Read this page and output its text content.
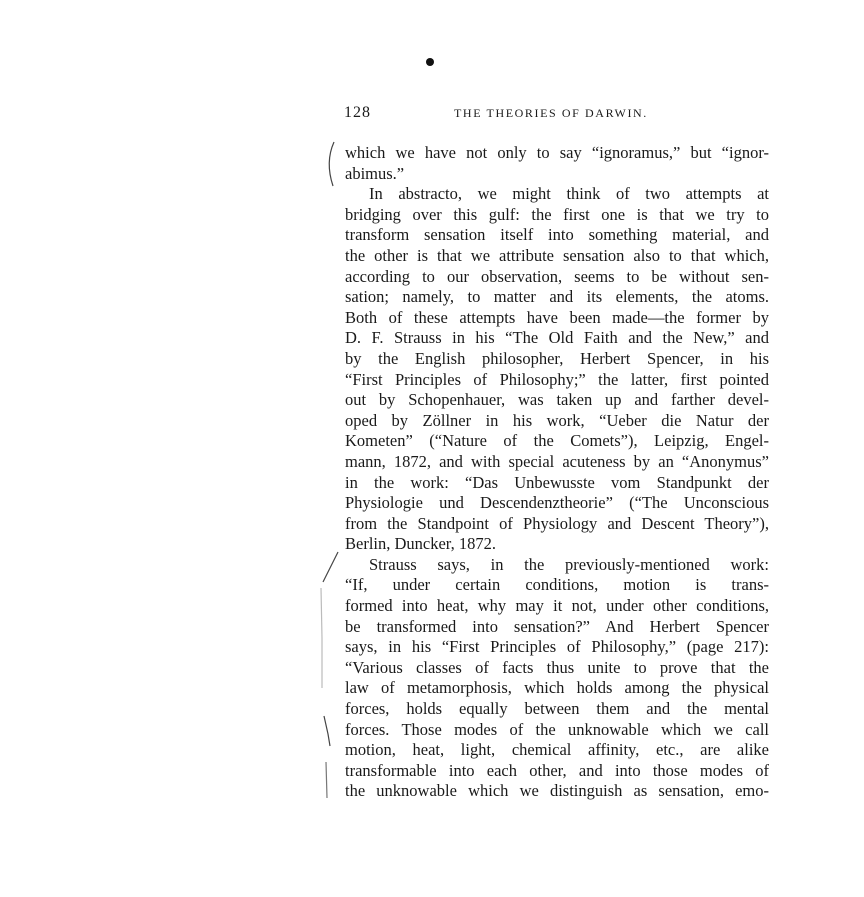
128	THE THEORIES OF DARWIN.
which we have not only to say “ignoramus,” but “ignor-
abimus.”
In abstracto, we might think of two attempts at
bridging over this gulf: the first one is that we try to
transform sensation itself into something material, and
the other is that we attribute sensation also to that which,
according to our observation, seems to be without sen-
sation; namely, to matter and its elements, the atoms.
Both of these attempts have been made—the former by
D. F. Strauss in his “The Old Faith and the New,” and
by the English philosopher, Herbert Spencer, in his
“First Principles of Philosophy;” the latter, first pointed
out by Schopenhauer, was taken up and farther devel-
oped by Zöllner in his work, “Ueber die Natur der
Kometen” (“Nature of the Comets”), Leipzig, Engel-
mann, 1872, and with special acuteness by an “Anonymus”
in the work: “Das Unbewusste vom Standpunkt der
Physiologie und Descendenztheorie” (“The Unconscious
from the Standpoint of Physiology and Descent Theory”),
Berlin, Duncker, 1872.
Strauss says, in the previously-mentioned work:
“If, under certain conditions, motion is trans-
formed into heat, why may it not, under other conditions,
be transformed into sensation?” And Herbert Spencer
says, in his “First Principles of Philosophy,” (page 217):
“Various classes of facts thus unite to prove that the
law of metamorphosis, which holds among the physical
forces, holds equally between them and the mental
forces. Those modes of the unknowable which we call
motion, heat, light, chemical affinity, etc., are alike
transformable into each other, and into those modes of
the unknowable which we distinguish as sensation, emo-
